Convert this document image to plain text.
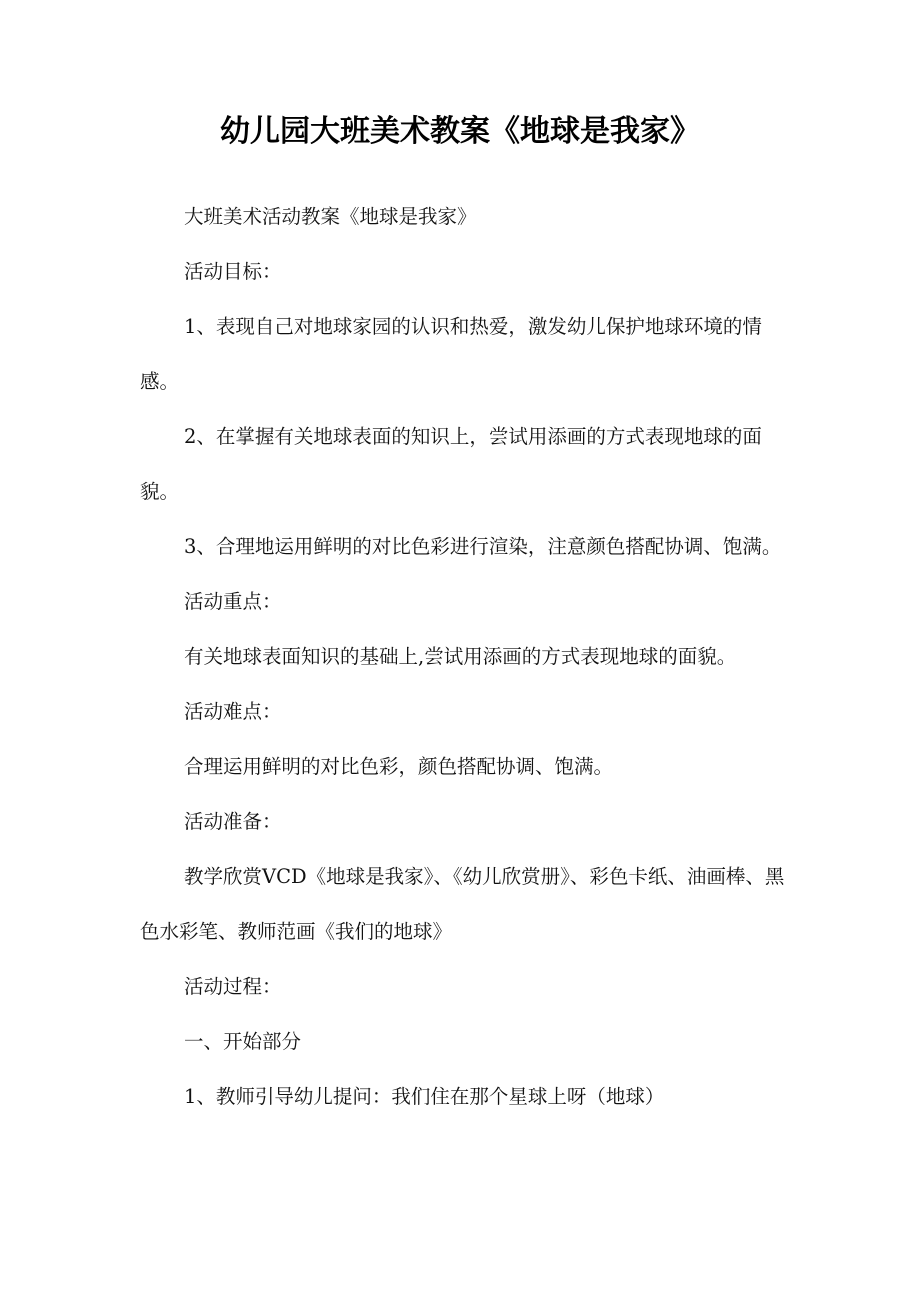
幼儿园大班美术教案《地球是我家》

大班美术活动教案《地球是我家》

活动目标：

1、表现自己对地球家园的认识和热爱，激发幼儿保护地球环境的情感。

2、在掌握有关地球表面的知识上，尝试用添画的方式表现地球的面貌。

3、合理地运用鲜明的对比色彩进行渲染，注意颜色搭配协调、饱满。

活动重点：

有关地球表面知识的基础上,尝试用添画的方式表现地球的面貌。

活动难点：

合理运用鲜明的对比色彩，颜色搭配协调、饱满。

活动准备：

教学欣赏VCD《地球是我家》、《幼儿欣赏册》、彩色卡纸、油画棒、黑色水彩笔、教师范画《我们的地球》

活动过程：

一、开始部分

1、教师引导幼儿提问：我们住在那个星球上呀（地球）
